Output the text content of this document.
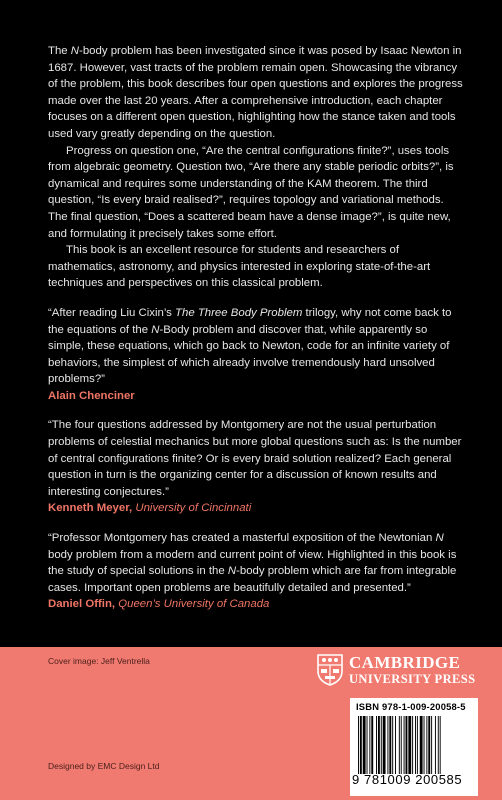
The N-body problem has been investigated since it was posed by Isaac Newton in 1687. However, vast tracts of the problem remain open. Showcasing the vibrancy of the problem, this book describes four open questions and explores the progress made over the last 20 years. After a comprehensive introduction, each chapter focuses on a different open question, highlighting how the stance taken and tools used vary greatly depending on the question.

Progress on question one, “Are the central configurations finite?”, uses tools from algebraic geometry. Question two, “Are there any stable periodic orbits?”, is dynamical and requires some understanding of the KAM theorem. The third question, “Is every braid realised?”, requires topology and variational methods. The final question, “Does a scattered beam have a dense image?”, is quite new, and formulating it precisely takes some effort.

This book is an excellent resource for students and researchers of mathematics, astronomy, and physics interested in exploring state-of-the-art techniques and perspectives on this classical problem.

“After reading Liu Cixin’s The Three Body Problem trilogy, why not come back to the equations of the N-Body problem and discover that, while apparently so simple, these equations, which go back to Newton, code for an infinite variety of behaviors, the simplest of which already involve tremendously hard unsolved problems?”

Alain Chenciner

“The four questions addressed by Montgomery are not the usual perturbation problems of celestial mechanics but more global questions such as: Is the number of central configurations finite? Or is every braid solution realized? Each general question in turn is the organizing center for a discussion of known results and interesting conjectures.”

Kenneth Meyer, University of Cincinnati

“Professor Montgomery has created a masterful exposition of the Newtonian N body problem from a modern and current point of view. Highlighted in this book is the study of special solutions in the N-body problem which are far from integrable cases. Important open problems are beautifully detailed and presented.”

Daniel Offin, Queen’s University of Canada

Cover image: Jeff Ventrella	CAMBRIDGE
UNIVERSITY PRESS
ISBN 978-1-009-20058-5
9 781009 200585
Designed by EMC Design Ltd
